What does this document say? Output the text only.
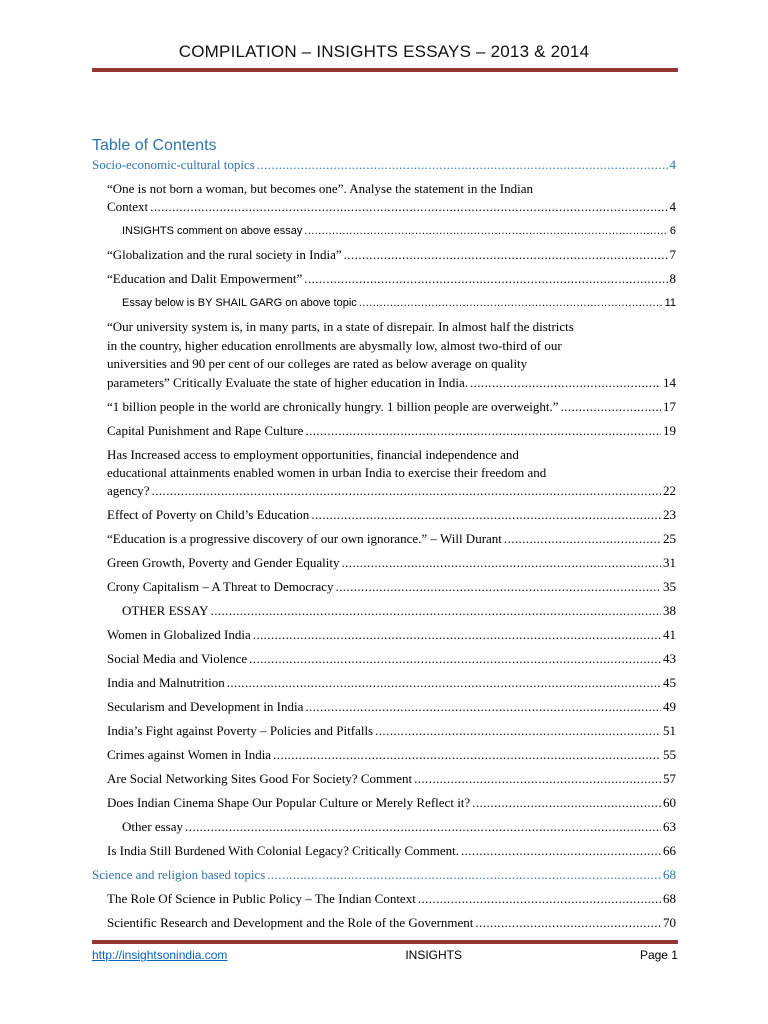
COMPILATION – INSIGHTS ESSAYS – 2013 & 2014
Table of Contents
Socio-economic-cultural topics .....	4
“One is not born a woman, but becomes one”. Analyse the statement in the Indian
Context .....	4
INSIGHTS comment on above essay .....	6
“Globalization and the rural society in India” .....	7
“Education and Dalit Empowerment” .....	8
Essay below is BY SHAIL GARG on above topic .....	11
“Our university system is, in many parts, in a state of disrepair. In almost half the districts
in the country, higher education enrollments are abysmally low, almost two-third of our
universities and 90 per cent of our colleges are rated as below average on quality
parameters” Critically Evaluate the state of higher education in India. .....	14
“1 billion people in the world are chronically hungry. 1 billion people are overweight.” .....	17
Capital Punishment and Rape Culture .....	19
Has Increased access to employment opportunities, financial independence and
educational attainments enabled women in urban India to exercise their freedom and
agency? .....	22
Effect of Poverty on Child’s Education .....	23
“Education is a progressive discovery of our own ignorance.” – Will Durant .....	25
Green Growth, Poverty and Gender Equality .....	31
Crony Capitalism – A Threat to Democracy .....	35
OTHER ESSAY .....	38
Women in Globalized India .....	41
Social Media and Violence .....	43
India and Malnutrition .....	45
Secularism and Development in India .....	49
India’s Fight against Poverty – Policies and Pitfalls .....	51
Crimes against Women in India .....	55
Are Social Networking Sites Good For Society? Comment .....	57
Does Indian Cinema Shape Our Popular Culture or Merely Reflect it? .....	60
Other essay .....	63
Is India Still Burdened With Colonial Legacy? Critically Comment. .....	66
Science and religion based topics .....	68
The Role Of Science in Public Policy – The Indian Context .....	68
Scientific Research and Development and the Role of the Government .....	70
http://insightsonindia.com	INSIGHTS	Page 1
